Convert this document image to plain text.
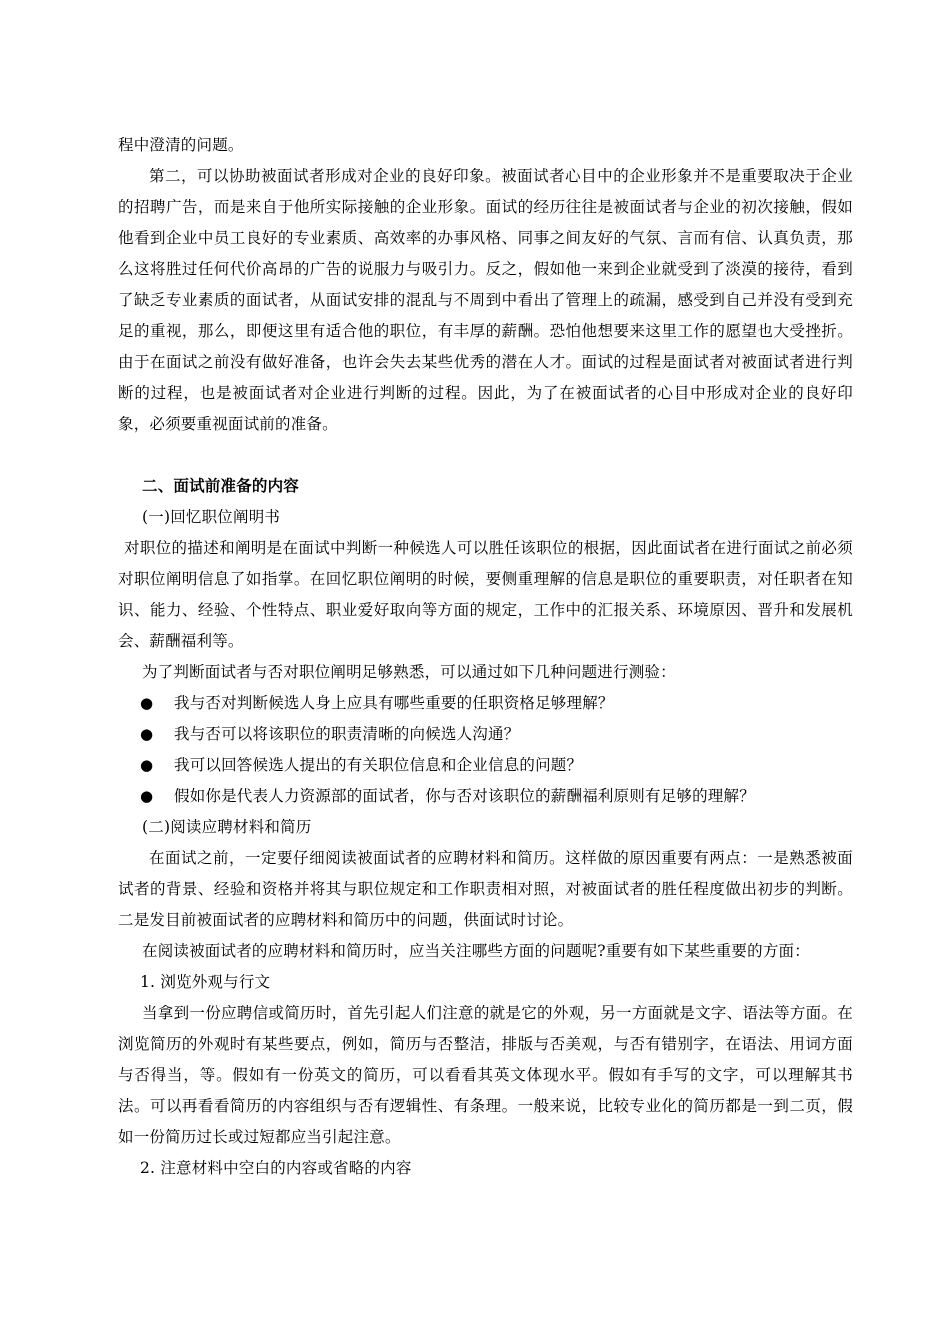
程中澄清的问题。

第二，可以协助被面试者形成对企业的良好印象。被面试者心目中的企业形象并不是重要取决于企业的招聘广告，而是来自于他所实际接触的企业形象。面试的经历往往是被面试者与企业的初次接触，假如他看到企业中员工良好的专业素质、高效率的办事风格、同事之间友好的气氛、言而有信、认真负责，那么这将胜过任何代价高昂的广告的说服力与吸引力。反之，假如他一来到企业就受到了淡漠的接待，看到了缺乏专业素质的面试者，从面试安排的混乱与不周到中看出了管理上的疏漏，感受到自己并没有受到充足的重视，那么，即便这里有适合他的职位，有丰厚的薪酬。恐怕他想要来这里工作的愿望也大受挫折。由于在面试之前没有做好准备，也许会失去某些优秀的潜在人才。面试的过程是面试者对被面试者进行判断的过程，也是被面试者对企业进行判断的过程。因此，为了在被面试者的心目中形成对企业的良好印象，必须要重视面试前的准备。

二、面试前准备的内容

(一)回忆职位阐明书

对职位的描述和阐明是在面试中判断一种候选人可以胜任该职位的根据，因此面试者在进行面试之前必须对职位阐明信息了如指掌。在回忆职位阐明的时候，要侧重理解的信息是职位的重要职责，对任职者在知识、能力、经验、个性特点、职业爱好取向等方面的规定，工作中的汇报关系、环境原因、晋升和发展机会、薪酬福利等。

为了判断面试者与否对职位阐明足够熟悉，可以通过如下几种问题进行测验：

● 我与否对判断候选人身上应具有哪些重要的任职资格足够理解？
● 我与否可以将该职位的职责清晰的向候选人沟通？
● 我可以回答候选人提出的有关职位信息和企业信息的问题？
● 假如你是代表人力资源部的面试者，你与否对该职位的薪酬福利原则有足够的理解？

(二)阅读应聘材料和简历

在面试之前，一定要仔细阅读被面试者的应聘材料和简历。这样做的原因重要有两点：一是熟悉被面试者的背景、经验和资格并将其与职位规定和工作职责相对照，对被面试者的胜任程度做出初步的判断。二是发目前被面试者的应聘材料和简历中的问题，供面试时讨论。

在阅读被面试者的应聘材料和简历时，应当关注哪些方面的问题呢?重要有如下某些重要的方面：

1. 浏览外观与行文

当拿到一份应聘信或简历时，首先引起人们注意的就是它的外观，另一方面就是文字、语法等方面。在浏览简历的外观时有某些要点，例如，简历与否整洁，排版与否美观，与否有错别字，在语法、用词方面与否得当，等。假如有一份英文的简历，可以看看其英文体现水平。假如有手写的文字，可以理解其书法。可以再看看简历的内容组织与否有逻辑性、有条理。一般来说，比较专业化的简历都是一到二页，假如一份简历过长或过短都应当引起注意。

2. 注意材料中空白的内容或省略的内容
